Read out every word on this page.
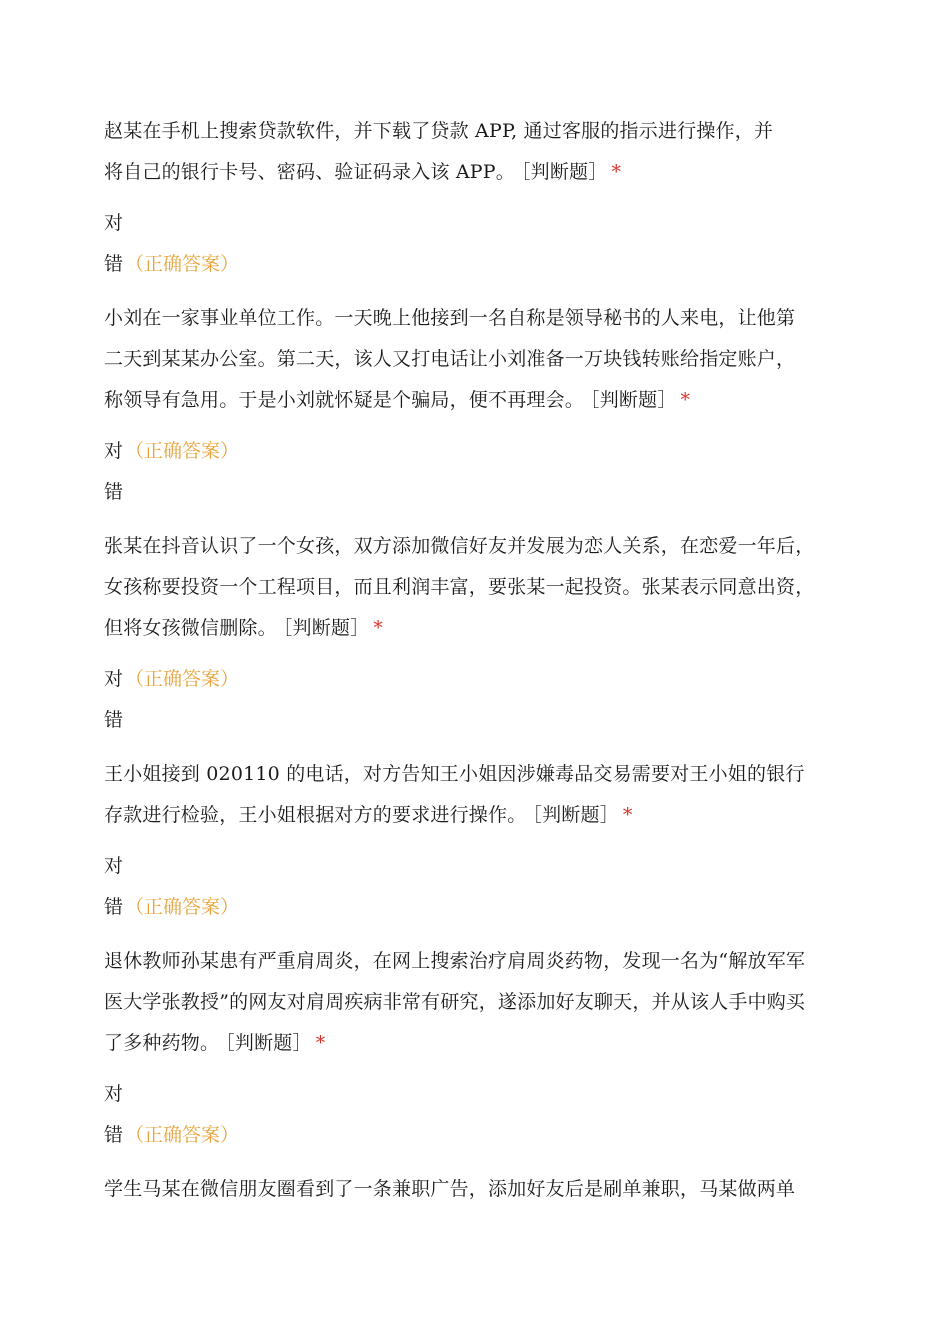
赵某在手机上搜索贷款软件，并下载了贷款 APP, 通过客服的指示进行操作，并
将自己的银行卡号、密码、验证码录入该 APP。 ［判断题］ *

对

错 （正确答案）

小刘在一家事业单位工作。一天晚上他接到一名自称是领导秘书的人来电，让他第
二天到某某办公室。第二天，该人又打电话让小刘准备一万块钱转账给指定账户，
称领导有急用。于是小刘就怀疑是个骗局，便不再理会。 ［判断题］ *

对 （正确答案）

错

张某在抖音认识了一个女孩，双方添加微信好友并发展为恋人关系，在恋爱一年后，
女孩称要投资一个工程项目，而且利润丰富，要张某一起投资。张某表示同意出资，
但将女孩微信删除。 ［判断题］ *

对 （正确答案）

错

王小姐接到 020110 的电话，对方告知王小姐因涉嫌毒品交易需要对王小姐的银行
存款进行检验，王小姐根据对方的要求进行操作。 ［判断题］ *

对

错 （正确答案）

退休教师孙某患有严重肩周炎，在网上搜索治疗肩周炎药物，发现一名为“解放军军
医大学张教授”的网友对肩周疾病非常有研究，遂添加好友聊天，并从该人手中购买
了多种药物。 ［判断题］ *

对

错 （正确答案）

学生马某在微信朋友圈看到了一条兼职广告，添加好友后是刷单兼职，马某做两单
